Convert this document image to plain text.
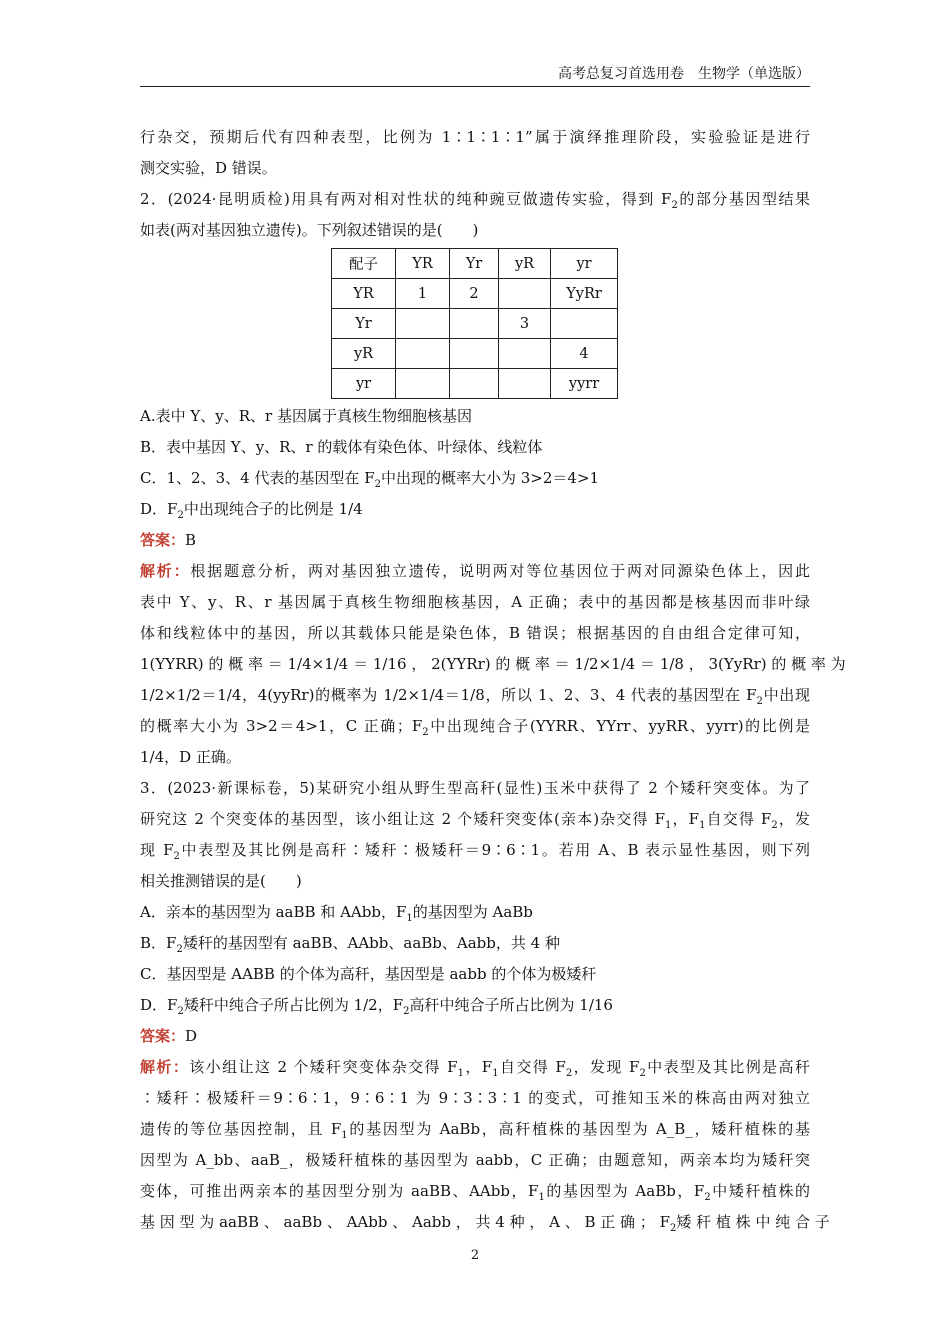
高考总复习首选用卷　生物学（单选版）
行杂交，预期后代有四种表型，比例为 1∶1∶1∶1”属于演绎推理阶段，实验验证是进行
测交实验，D 错误。
2．(2024·昆明质检)用具有两对相对性状的纯种豌豆做遗传实验，得到 $F_2$的部分基因型结果
如表(两对基因独立遗传)。下列叙述错误的是(　　)
配子	YR	Yr	yR	yr
YR	1	2		YyRr
Yr			3	
yR				4
yr				yyrr
A.表中 Y、y、R、r 基因属于真核生物细胞核基因
B．表中基因 Y、y、R、r 的载体有染色体、叶绿体、线粒体
C．1、2、3、4 代表的基因型在 $F_2$中出现的概率大小为 3>2＝4>1
D．$F_2$中出现纯合子的比例是 1/4
答案：B
解析：根据题意分析，两对基因独立遗传，说明两对等位基因位于两对同源染色体上，因此
表中 Y、y、R、r 基因属于真核生物细胞核基因，A 正确；表中的基因都是核基因而非叶绿
体和线粒体中的基因，所以其载体只能是染色体，B 错误；根据基因的自由组合定律可知，
1(YYRR) 的 概 率 ＝ 1/4×1/4 ＝ 1/16 ， 2(YYRr) 的 概 率 ＝ 1/2×1/4 ＝ 1/8 ， 3(YyRr) 的 概 率 为
1/2×1/2＝1/4，4(yyRr)的概率为 1/2×1/4＝1/8，所以 1、2、3、4 代表的基因型在 $F_2$中出现
的概率大小为 3>2＝4>1，C 正确；$F_2$中出现纯合子(YYRR、YYrr、yyRR、yyrr)的比例是
1/4，D 正确。
3．(2023·新课标卷，5)某研究小组从野生型高秆(显性)玉米中获得了 2 个矮秆突变体。为了
研究这 2 个突变体的基因型，该小组让这 2 个矮秆突变体(亲本)杂交得 $F_1$，$F_1$自交得 $F_2$，发
现 $F_2$中表型及其比例是高秆∶矮秆∶极矮秆＝9∶6∶1。若用 A、B 表示显性基因，则下列
相关推测错误的是(　　)
A．亲本的基因型为 aaBB 和 AAbb，$F_1$的基因型为 AaBb
B．$F_2$矮秆的基因型有 aaBB、AAbb、aaBb、Aabb，共 4 种
C．基因型是 AABB 的个体为高秆，基因型是 aabb 的个体为极矮秆
D．$F_2$矮秆中纯合子所占比例为 1/2，$F_2$高秆中纯合子所占比例为 1/16
答案：D
解析：该小组让这 2 个矮秆突变体杂交得 $F_1$，$F_1$自交得 $F_2$，发现 $F_2$中表型及其比例是高秆
∶矮秆∶极矮秆＝9∶6∶1，9∶6∶1 为 9∶3∶3∶1 的变式，可推知玉米的株高由两对独立
遗传的等位基因控制，且 $F_1$的基因型为 AaBb，高秆植株的基因型为 A_B_，矮秆植株的基
因型为 A_bb、aaB_，极矮秆植株的基因型为 aabb，C 正确；由题意知，两亲本均为矮秆突
变体，可推出两亲本的基因型分别为 aaBB、AAbb，$F_1$的基因型为 AaBb，$F_2$中矮秆植株的
基 因 型 为 aaBB 、 aaBb 、 AAbb 、 Aabb ， 共 4 种 ， A 、 B 正 确 ； $F_2$矮 秆 植 株 中 纯 合 子
2
